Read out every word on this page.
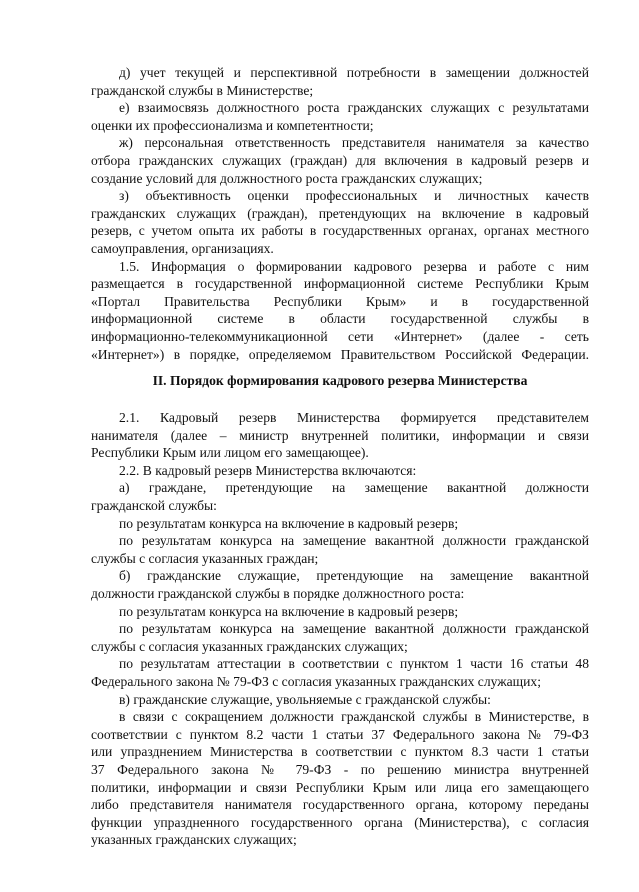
II. Порядок формирования кадрового резерва Министерства
д) учет текущей и перспективной потребности в замещении должностей
гражданской службы в Министерстве;
е) взаимосвязь должностного роста гражданских служащих с результатами
оценки их профессионализма и компетентности;
ж) персональная ответственность представителя нанимателя за качество
отбора гражданских служащих (граждан) для включения в кадровый резерв и
создание условий для должностного роста гражданских служащих;
з) объективность оценки профессиональных и личностных качеств
гражданских служащих (граждан), претендующих на включение в кадровый
резерв, с учетом опыта их работы в государственных органах, органах местного
самоуправления, организациях.
1.5. Информация о формировании кадрового резерва и работе с ним
размещается в государственной информационной системе Республики Крым
«Портал Правительства Республики Крым» и в государственной
информационной системе в области государственной службы в
информационно-телекоммуникационной сети «Интернет» (далее - сеть
«Интернет») в порядке, определяемом Правительством Российской Федерации.
2.1. Кадровый резерв Министерства формируется представителем
нанимателя (далее – министр внутренней политики, информации и связи
Республики Крым или лицом его замещающее).
2.2. В кадровый резерв Министерства включаются:
а) граждане, претендующие на замещение вакантной должности
гражданской службы:
по результатам конкурса на включение в кадровый резерв;
по результатам конкурса на замещение вакантной должности гражданской
службы с согласия указанных граждан;
б) гражданские служащие, претендующие на замещение вакантной
должности гражданской службы в порядке должностного роста:
по результатам конкурса на включение в кадровый резерв;
по результатам конкурса на замещение вакантной должности гражданской
службы с согласия указанных гражданских служащих;
по результатам аттестации в соответствии с пунктом 1 части 16 статьи 48
Федерального закона № 79-ФЗ с согласия указанных гражданских служащих;
в) гражданские служащие, увольняемые с гражданской службы:
в связи с сокращением должности гражданской службы в Министерстве, в
соответствии с пунктом 8.2 части 1 статьи 37 Федерального закона № 79-ФЗ
или упразднением Министерства в соответствии с пунктом 8.3 части 1 статьи
37 Федерального закона № 79-ФЗ - по решению министра внутренней
политики, информации и связи Республики Крым или лица его замещающего
либо представителя нанимателя государственного органа, которому переданы
функции упраздненного государственного органа (Министерства), с согласия
указанных гражданских служащих;
